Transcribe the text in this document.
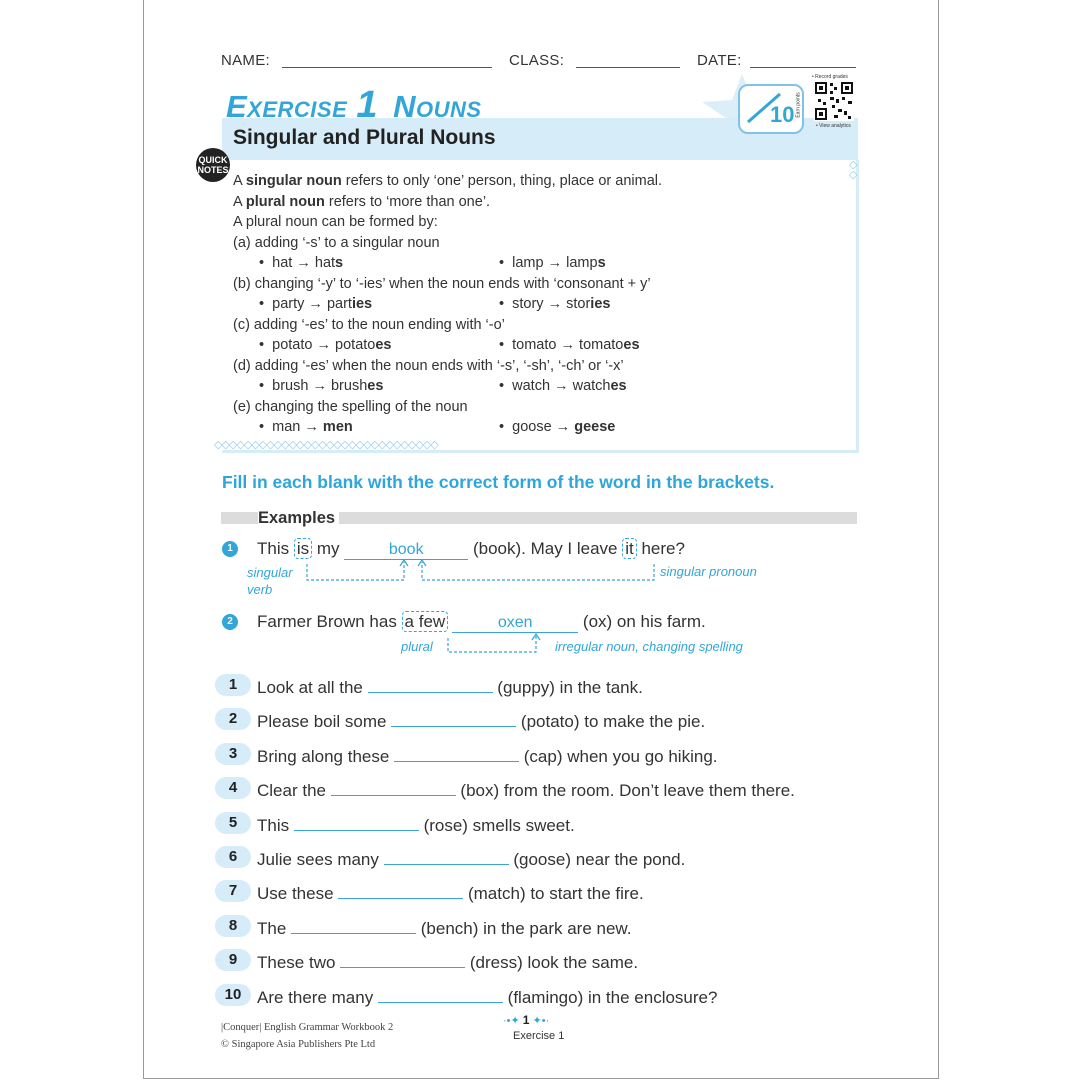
NAME:	CLASS:	DATE:
Exercise 1 Nouns
Singular and Plural Nouns
10
• Record grades
Earn points
• View analytics
QUICK
NOTES
◇◇◇◇◇◇◇◇◇◇◇◇◇◇◇◇◇◇◇◇◇◇◇◇◇◇◇◇◇◇
◇
◇
A singular noun refers to only ‘one’ person, thing, place or animal.
A plural noun refers to ‘more than one’.
A plural noun can be formed by:
(a) adding ‘-s’ to a singular noun
•  hat → hats	•  lamp → lamps
(b) changing ‘-y’ to ‘-ies’ when the noun ends with ‘consonant + y’
•  party → parties	•  story → stories
(c) adding ‘-es’ to the noun ending with ‘-o’
•  potato → potatoes	•  tomato → tomatoes
(d) adding ‘-es’ when the noun ends with ‘-s’, ‘-sh’, ‘-ch’ or ‘-x’
•  brush → brushes	•  watch → watches
(e) changing the spelling of the noun
•  man → men	•  goose → geese
Fill in each blank with the correct form of the word in the brackets.
Examples
1	This is my	book	(book). May I leave it here?
singular
verb
singular pronoun
2	Farmer Brown has a few	oxen	(ox) on his farm.
plural	irregular noun, changing spelling
1	Look at all the	(guppy) in the tank.
2	Please boil some	(potato) to make the pie.
3	Bring along these	(cap) when you go hiking.
4	Clear the	(box) from the room. Don’t leave them there.
5	This	(rose) smells sweet.
6	Julie sees many	(goose) near the pond.
7	Use these	(match) to start the fire.
8	The	(bench) in the park are new.
9	These two	(dress) look the same.
10 Are there many	(flamingo) in the enclosure?
|Conquer| English Grammar Workbook 2
© Singapore Asia Publishers Pte Ltd
·•✦ 1 ✦•·
Exercise 1
